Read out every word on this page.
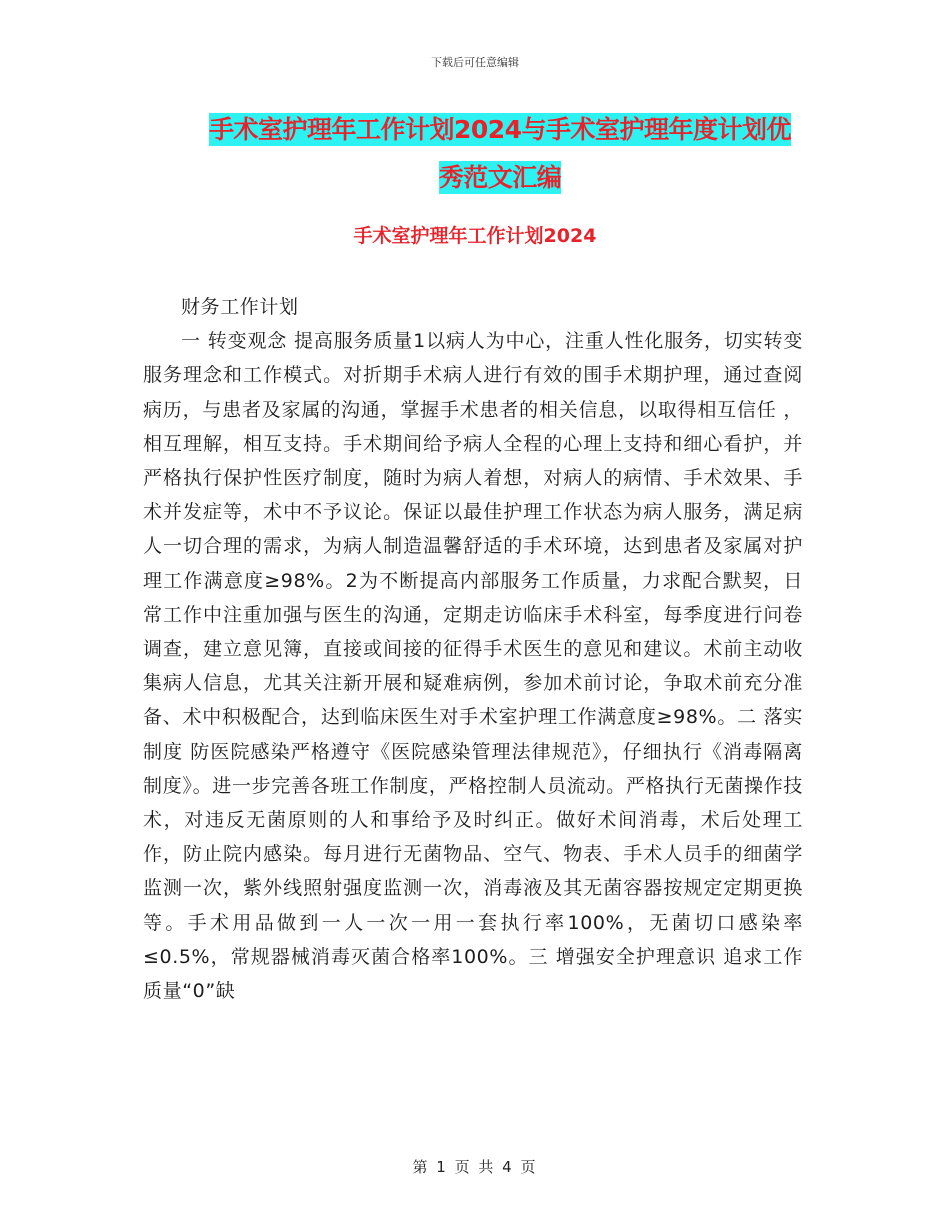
下载后可任意编辑
手术室护理年工作计划2024与手术室护理年度计划优
秀范文汇编
手术室护理年工作计划2024

财务工作计划

一 转变观念 提高服务质量1以病人为中心，注重人性化服务，切实转变服务理念和工作模式。对折期手术病人进行有效的围手术期护理，通过查阅病历，与患者及家属的沟通，掌握手术患者的相关信息，以取得相互信任 ，相互理解，相互支持。手术期间给予病人全程的心理上支持和细心看护，并严格执行保护性医疗制度，随时为病人着想，对病人的病情、手术效果、手术并发症等，术中不予议论。保证以最佳护理工作状态为病人服务，满足病人一切合理的需求，为病人制造温馨舒适的手术环境，达到患者及家属对护理工作满意度≥98%。2为不断提高内部服务工作质量，力求配合默契，日常工作中注重加强与医生的沟通，定期走访临床手术科室，每季度进行问卷调查，建立意见簿，直接或间接的征得手术医生的意见和建议。术前主动收集病人信息，尤其关注新开展和疑难病例，参加术前讨论，争取术前充分准备、术中积极配合，达到临床医生对手术室护理工作满意度≥98%。二 落实制度 防医院感染严格遵守《医院感染管理法律规范》，仔细执行《消毒隔离制度》。进一步完善各班工作制度，严格控制人员流动。严格执行无菌操作技术，对违反无菌原则的人和事给予及时纠正。做好术间消毒，术后处理工作，防止院内感染。每月进行无菌物品、空气、物表、手术人员手的细菌学监测一次，紫外线照射强度监测一次，消毒液及其无菌容器按规定定期更换等。手术用品做到一人一次一用一套执行率100%，无菌切口感染率≤0.5%，常规器械消毒灭菌合格率100%。三 增强安全护理意识 追求工作质量“0”缺

第 1 页 共 4 页
